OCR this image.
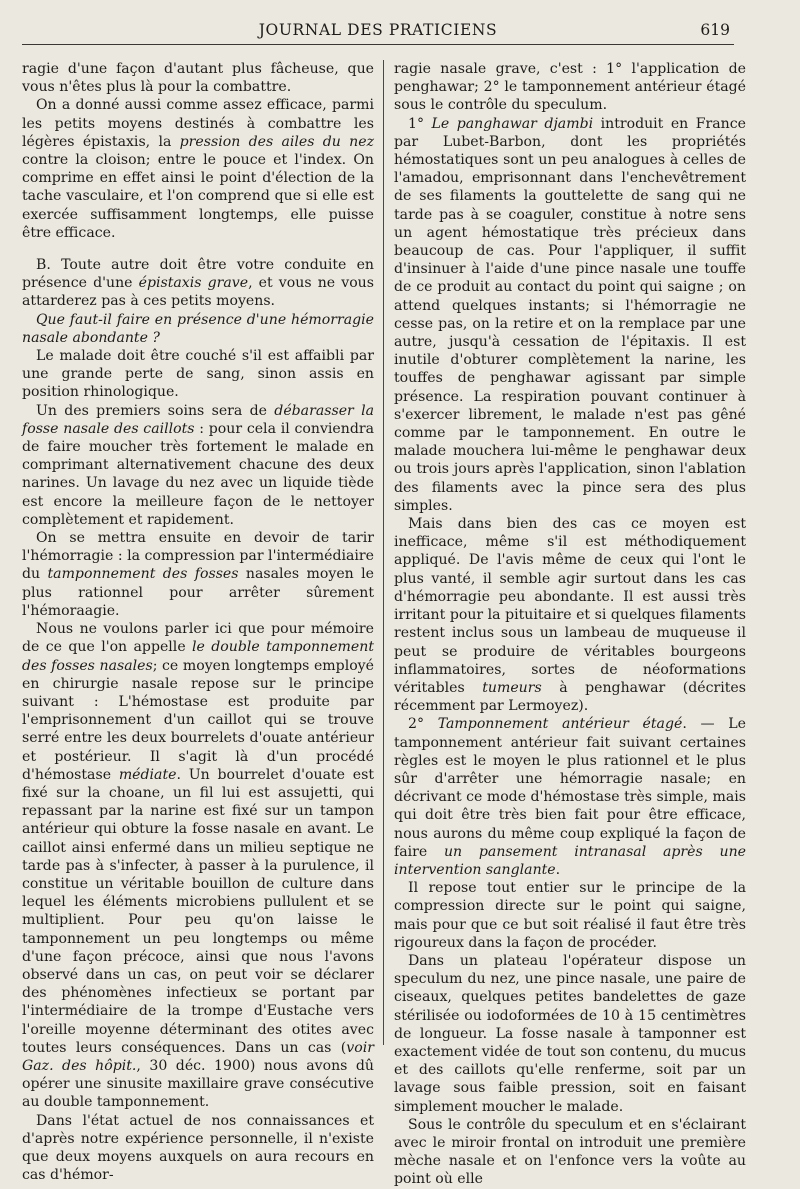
JOURNAL DES PRATICIENS	619

ragie d'une façon d'autant plus fâcheuse, que vous n'êtes plus là pour la combattre.

On a donné aussi comme assez efficace, parmi les petits moyens destinés à combattre les légères épistaxis, la pression des ailes du nez contre la cloison; entre le pouce et l'index. On comprime en effet ainsi le point d'élection de la tache vasculaire, et l'on comprend que si elle est exercée suffisamment longtemps, elle puisse être efficace.

B. Toute autre doit être votre conduite en présence d'une épistaxis grave, et vous ne vous attarderez pas à ces petits moyens.

Que faut-il faire en présence d'une hémorragie nasale abondante ?

Le malade doit être couché s'il est affaibli par une grande perte de sang, sinon assis en position rhinologique.

Un des premiers soins sera de débarasser la fosse nasale des caillots : pour cela il conviendra de faire moucher très fortement le malade en comprimant alternativement chacune des deux narines. Un lavage du nez avec un liquide tiède est encore la meilleure façon de le nettoyer complètement et rapidement.

On se mettra ensuite en devoir de tarir l'hémorragie : la compression par l'intermédiaire du tamponnement des fosses nasales moyen le plus rationnel pour arrêter sûrement l'hémoraagie.

Nous ne voulons parler ici que pour mémoire de ce que l'on appelle le double tamponnement des fosses nasales; ce moyen longtemps employé en chirurgie nasale repose sur le principe suivant : L'hémostase est produite par l'emprisonnement d'un caillot qui se trouve serré entre les deux bourrelets d'ouate antérieur et postérieur. Il s'agit là d'un procédé d'hémostase médiate. Un bourrelet d'ouate est fixé sur la choane, un fil lui est assujetti, qui repassant par la narine est fixé sur un tampon antérieur qui obture la fosse nasale en avant. Le caillot ainsi enfermé dans un milieu septique ne tarde pas à s'infecter, à passer à la purulence, il constitue un véritable bouillon de culture dans lequel les éléments microbiens pullulent et se multiplient. Pour peu qu'on laisse le tamponnement un peu longtemps ou même d'une façon précoce, ainsi que nous l'avons observé dans un cas, on peut voir se déclarer des phénomènes infectieux se portant par l'intermédiaire de la trompe d'Eustache vers l'oreille moyenne déterminant des otites avec toutes leurs conséquences. Dans un cas (voir Gaz. des hôpit., 30 déc. 1900) nous avons dû opérer une sinusite maxillaire grave consécutive au double tamponnement.

Dans l'état actuel de nos connaissances et d'après notre expérience personnelle, il n'existe que deux moyens auxquels on aura recours en cas d'hémor-

ragie nasale grave, c'est : 1° l'application de penghawar; 2° le tamponnement antérieur étagé sous le contrôle du speculum.

1° Le panghawar djambi introduit en France par Lubet-Barbon, dont les propriétés hémostatiques sont un peu analogues à celles de l'amadou, emprisonnant dans l'enchevêtrement de ses filaments la gouttelette de sang qui ne tarde pas à se coaguler, constitue à notre sens un agent hémostatique très précieux dans beaucoup de cas. Pour l'appliquer, il suffit d'insinuer à l'aide d'une pince nasale une touffe de ce produit au contact du point qui saigne ; on attend quelques instants; si l'hémorragie ne cesse pas, on la retire et on la remplace par une autre, jusqu'à cessation de l'épitaxis. Il est inutile d'obturer complètement la narine, les touffes de penghawar agissant par simple présence. La respiration pouvant continuer à s'exercer librement, le malade n'est pas gêné comme par le tamponnement. En outre le malade mouchera lui-même le penghawar deux ou trois jours après l'application, sinon l'ablation des filaments avec la pince sera des plus simples.

Mais dans bien des cas ce moyen est inefficace, même s'il est méthodiquement appliqué. De l'avis même de ceux qui l'ont le plus vanté, il semble agir surtout dans les cas d'hémorragie peu abondante. Il est aussi très irritant pour la pituitaire et si quelques filaments restent inclus sous un lambeau de muqueuse il peut se produire de véritables bourgeons inflammatoires, sortes de néoformations véritables tumeurs à penghawar (décrites récemment par Lermoyez).

2° Tamponnement antérieur étagé. — Le tamponnement antérieur fait suivant certaines règles est le moyen le plus rationnel et le plus sûr d'arrêter une hémorragie nasale; en décrivant ce mode d'hémostase très simple, mais qui doit être très bien fait pour être efficace, nous aurons du même coup expliqué la façon de faire un pansement intranasal après une intervention sanglante.

Il repose tout entier sur le principe de la compression directe sur le point qui saigne, mais pour que ce but soit réalisé il faut être très rigoureux dans la façon de procéder.

Dans un plateau l'opérateur dispose un speculum du nez, une pince nasale, une paire de ciseaux, quelques petites bandelettes de gaze stérilisée ou iodoformées de 10 à 15 centimètres de longueur. La fosse nasale à tamponner est exactement vidée de tout son contenu, du mucus et des caillots qu'elle renferme, soit par un lavage sous faible pression, soit en faisant simplement moucher le malade.

Sous le contrôle du speculum et en s'éclairant avec le miroir frontal on introduit une première mèche nasale et on l'enfonce vers la voûte au point où elle
